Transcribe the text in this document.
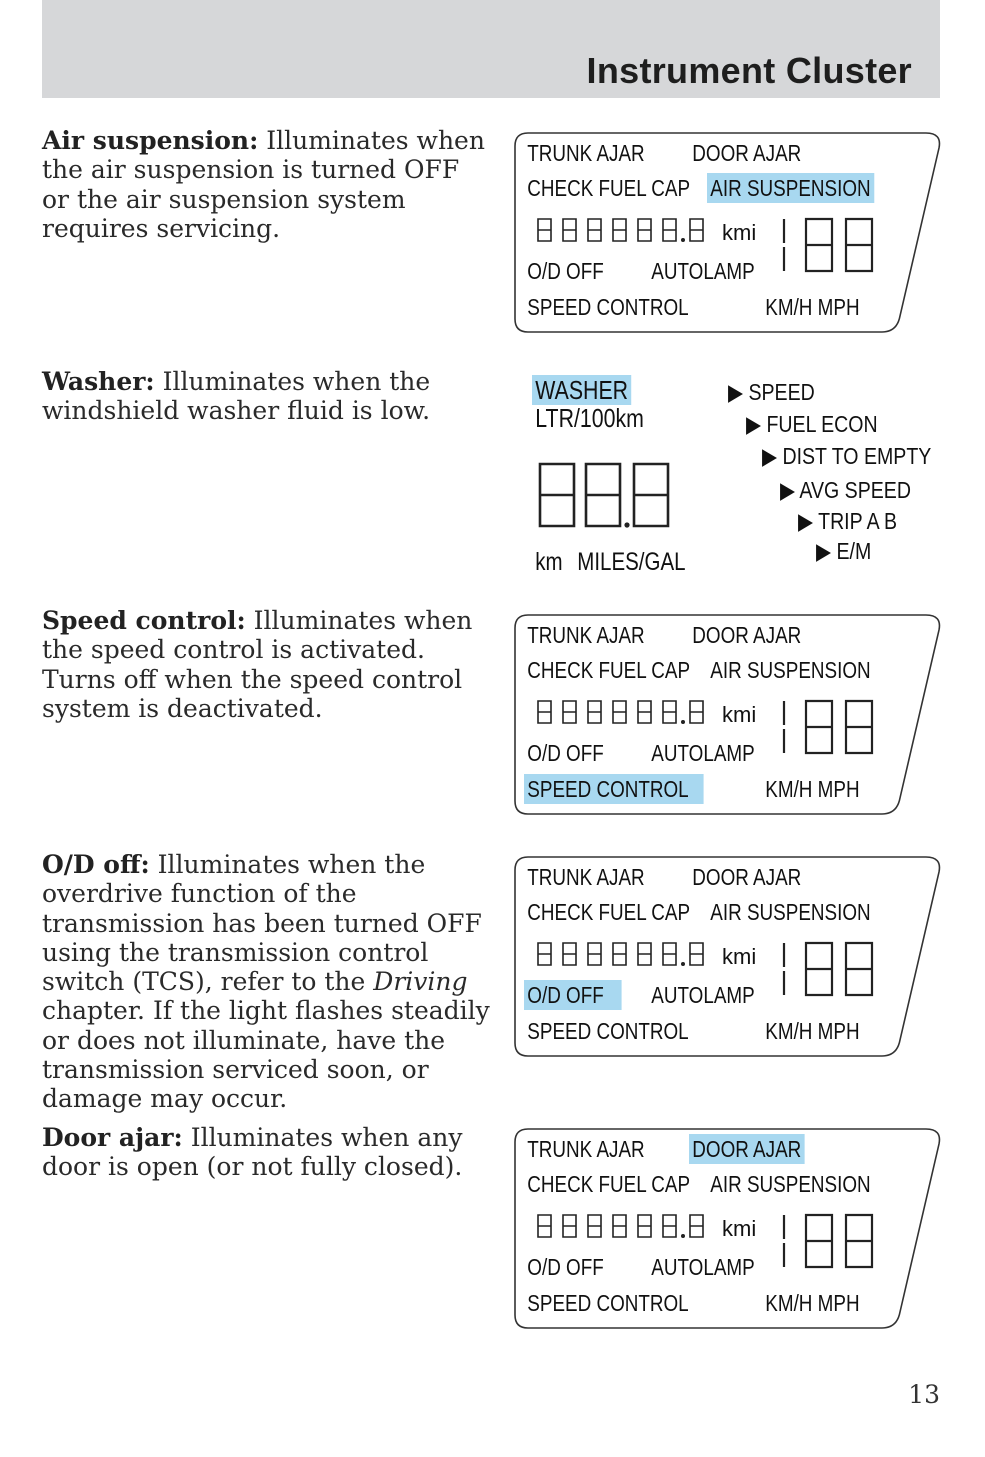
Instrument Cluster
Air suspension: Illuminates when the air suspension is turned OFF or the air suspension system requires servicing.
Washer: Illuminates when the windshield washer fluid is low.
Speed control: Illuminates when the speed control is activated. Turns off when the speed control system is deactivated.
O/D off: Illuminates when the overdrive function of the transmission has been turned OFF using the transmission control switch (TCS), refer to the Driving chapter. If the light flashes steadily or does not illuminate, have the transmission serviced soon, or damage may occur.
Door ajar: Illuminates when any door is open (or not fully closed).
TRUNK AJAR DOOR AJAR
CHECK FUEL CAP AIR SUSPENSION
kmi
O/D OFF AUTOLAMP
SPEED CONTROL	KM/H MPH
TRUNK AJAR DOOR AJAR
CHECK FUEL CAP AIR SUSPENSION
kmi
O/D OFF AUTOLAMP
SPEED CONTROL	KM/H MPH
TRUNK AJAR DOOR AJAR
CHECK FUEL CAP AIR SUSPENSION
kmi
O/D OFF	AUTOLAMP
SPEED CONTROL	KM/H MPH
TRUNK AJAR DOOR AJAR
CHECK FUEL CAP AIR SUSPENSION
kmi
O/D OFF AUTOLAMP
SPEED CONTROL	KM/H MPH
WASHER
LTR/100km
km MILES/GAL
▶ SPEED
▶ FUEL ECON
▶ DIST TO EMPTY
▶ AVG SPEED
▶ TRIP A B
▶ E/M
13
